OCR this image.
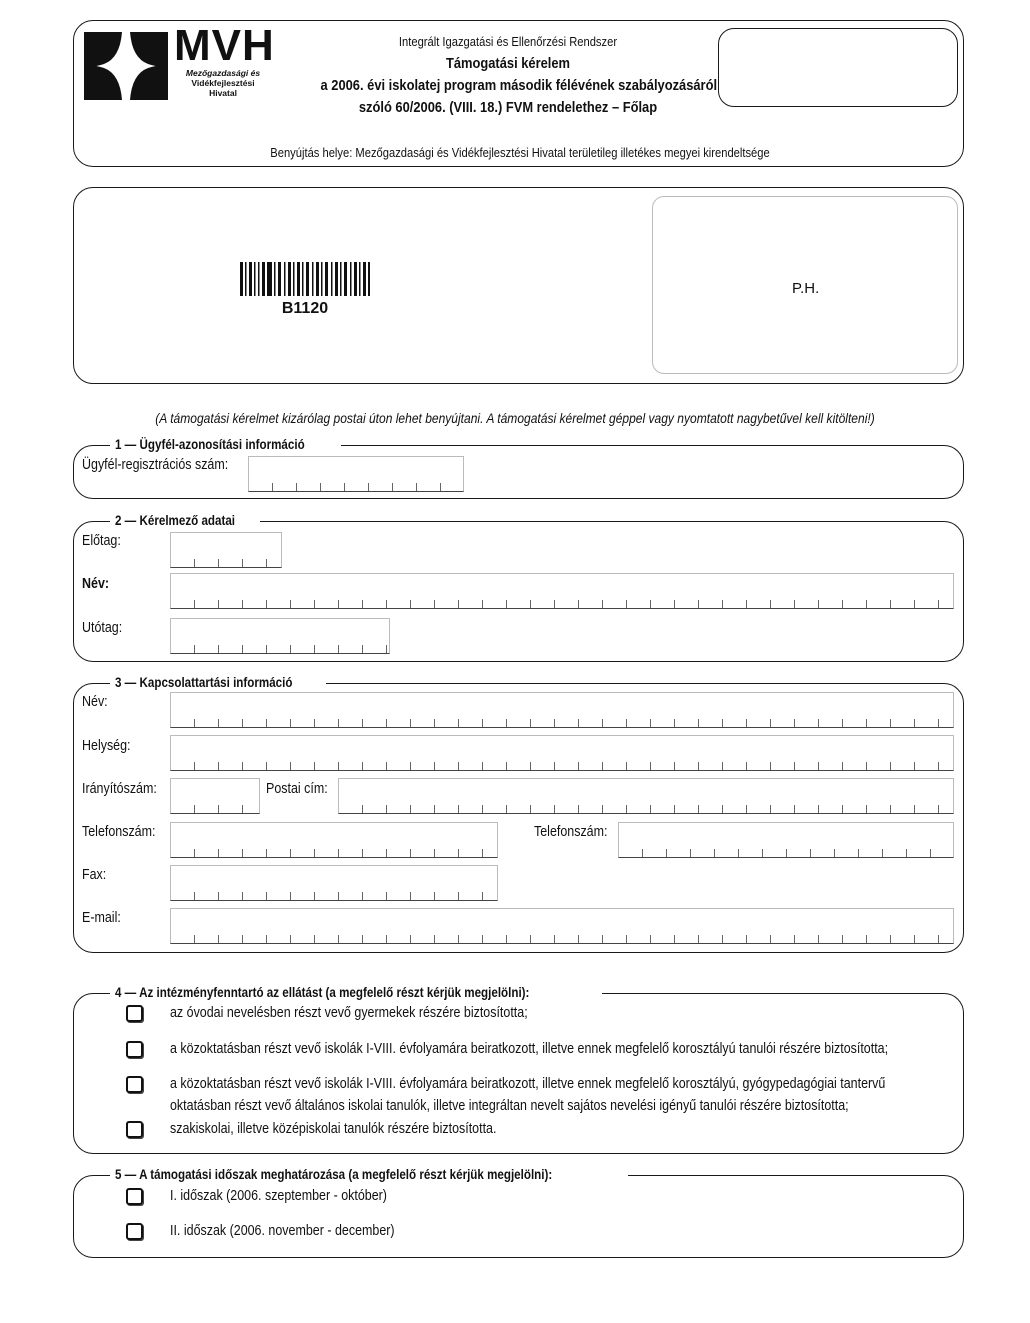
MVH
Mezőgazdasági és
Vidékfejlesztési
Hivatal
Integrált Igazgatási és Ellenőrzési Rendszer
Támogatási kérelem
a 2006. évi iskolatej program második félévének szabályozásáról
szóló 60/2006. (VIII. 18.) FVM rendelethez – Főlap
Benyújtás helye: Mezőgazdasági és Vidékfejlesztési Hivatal területileg illetékes megyei kirendeltsége
B1120
P.H.
(A támogatási kérelmet kizárólag postai úton lehet benyújtani. A támogatási kérelmet géppel vagy nyomtatott nagybetűvel kell kitölteni!)
1 — Ügyfél-azonosítási információ
Ügyfél-regisztrációs szám:
2 — Kérelmező adatai
Előtag:
Név:
Utótag:
3 — Kapcsolattartási információ
Név:
Helység:
Irányítószám:	Postai cím:
Telefonszám:	Telefonszám:
Fax:
E-mail:
4 — Az intézményfenntartó az ellátást (a megfelelő részt kérjük megjelölni):
az óvodai nevelésben részt vevő gyermekek részére biztosította;
a közoktatásban részt vevő iskolák I-VIII. évfolyamára beiratkozott, illetve ennek megfelelő korosztályú tanulói részére biztosította;
a közoktatásban részt vevő iskolák I-VIII. évfolyamára beiratkozott, illetve ennek megfelelő korosztályú, gyógypedagógiai tantervű
oktatásban részt vevő általános iskolai tanulók, illetve integráltan nevelt sajátos nevelési igényű tanulói részére biztosította;
szakiskolai, illetve középiskolai tanulók részére biztosította.
5 — A támogatási időszak meghatározása (a megfelelő részt kérjük megjelölni):
I. időszak (2006. szeptember - október)
II. időszak (2006. november - december)
